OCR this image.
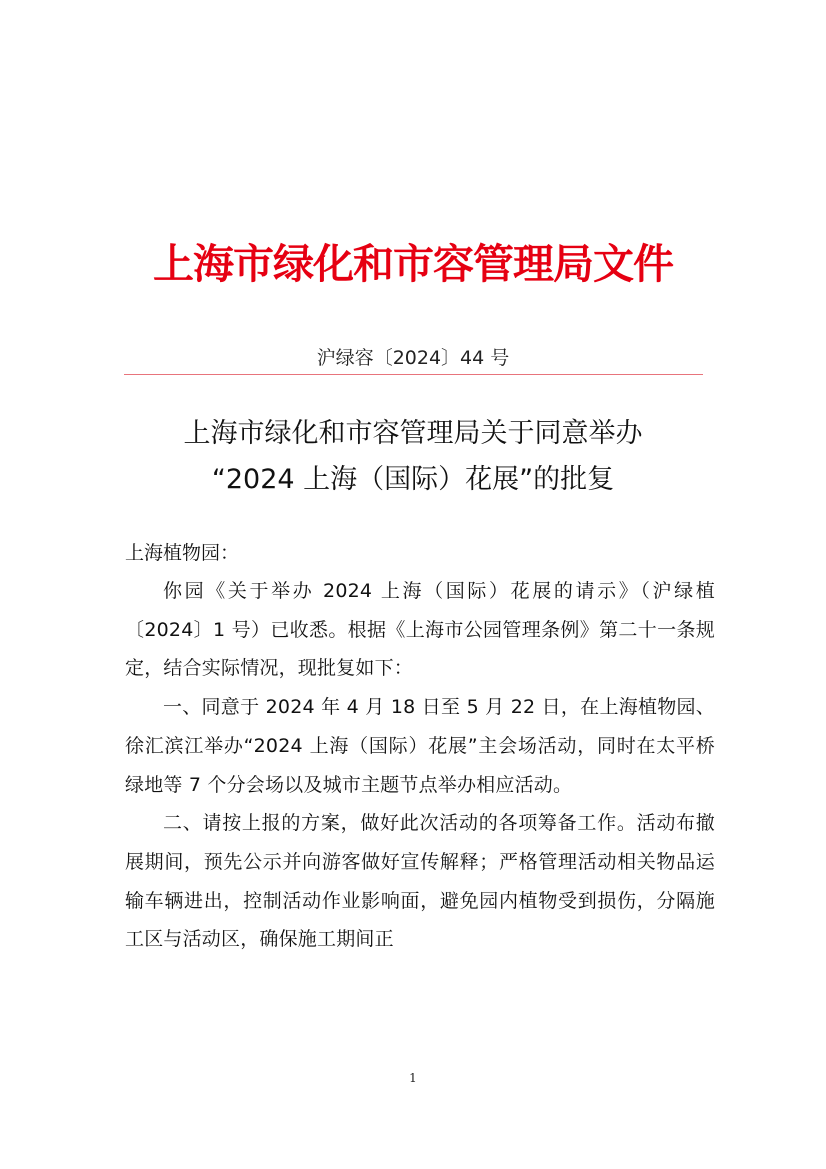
上海市绿化和市容管理局文件
沪绿容〔2024〕44 号
上海市绿化和市容管理局关于同意举办
“2024 上海（国际）花展”的批复
上海植物园：

你园《关于举办 2024 上海（国际）花展的请示》（沪绿植〔2024〕1 号）已收悉。根据《上海市公园管理条例》第二十一条规定，结合实际情况，现批复如下：

一、同意于 2024 年 4 月 18 日至 5 月 22 日，在上海植物园、徐汇滨江举办“2024 上海（国际）花展”主会场活动，同时在太平桥绿地等 7 个分会场以及城市主题节点举办相应活动。

二、请按上报的方案，做好此次活动的各项筹备工作。活动布撤展期间，预先公示并向游客做好宣传解释；严格管理活动相关物品运输车辆进出，控制活动作业影响面，避免园内植物受到损伤，分隔施工区与活动区，确保施工期间正

1
